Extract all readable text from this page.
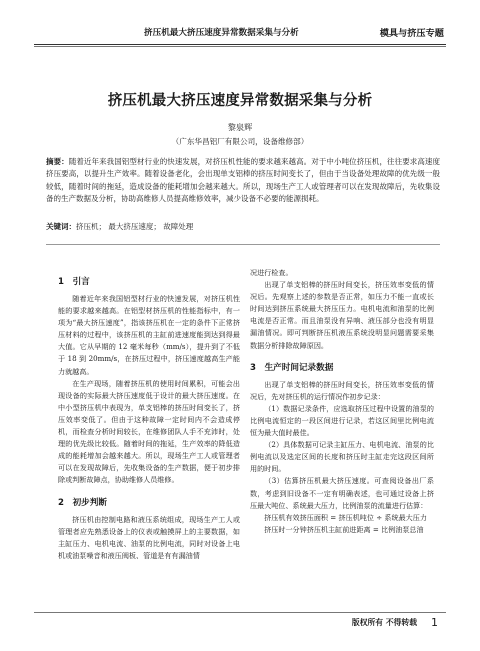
挤压机最大挤压速度异常数据采集与分析	模具与挤压专题
挤压机最大挤压速度异常数据采集与分析
黎泉辉
（广东华昌铝厂有限公司，设备维修部）
摘要：随着近年来我国铝型材行业的快速发展，对挤压机性能的要求越来越高。对于中小吨位挤压机，往往要求高速度挤压要高，以提升生产效率。随着设备老化，会出现单支铝棒的挤压时间变长了，但由于当设备处理故障的优先级一般较低，随着时间的拖延，造成设备的能耗增加会越来越大。所以，现场生产工人或管理者可以在发现故障后，先收集设备的生产数据及分析，协助高维修人员提高维修效率，减少设备不必要的能源损耗。
关键词：挤压机； 最大挤压速度； 故障处理
1　引言

随着近年来我国铝型材行业的快速发展，对挤压机性能的要求越来越高。在铝型材挤压机的性能指标中，有一项为“最大挤压速度”，指该挤压机在一定的条件下正常挤压材料的过程中，该挤压机的主缸前进速度能到达到得最大值。它从早期的 12 毫米每秒（mm/s），提升到了不低于 18 到 20mm/s，在挤压过程中，挤压速度越高生产能力就越高。

在生产现场，随着挤压机的使用时间累积，可能会出现设备的实际最大挤压速度低于设计的最大挤压速度。在中小型挤压机中表现为，单支铝棒的挤压时间变长了，挤压效率变低了。但由于这种故障一定时间内不会造成停机，而检查分析时间较长，在维修团队人手不充沛时，处理的优先级比较低。随着时间的拖延，生产效率的降低造成的能耗增加会越来越大。所以，现场生产工人或管理者可以在发现故障后，先收集设备的生产数据，便于初步排除或判断故障点，协助维修人员维修。

2　初步判断

挤压机由控制电路和液压系统组成，现场生产工人或管理者应先熟悉设备上的仪表或触摸屏上的主要数据，如主缸压力、电机电流、油泵的比例电流，同时对设备上电机或油泵噪音和液压阀板、管道是有有漏油情

况进行检查。

出现了单支铝棒的挤压时间变长，挤压效率变低的情况后。先观察上述的参数是否正常，如压力不能一直或长时间达到挤压系统最大挤压压力。电机电流和油泵的比例电流是否正常。而且油泵没有异响、液压部分也没有明显漏油情况。即可判断挤压机液压系统没明显问题需要采集数据分析排除故障原因。

3　生产时间记录数据

出现了单支铝棒的挤压时间变长，挤压效率变低的情况后，先对挤压机的运行情况作初步记录：

（1）数据记录条件，应选取挤压过程中设置的油泵的比例电流恒定的一段区间进行记录，若这区间里比例电流恒为最大值时最佳。

（2）具体数据可记录主缸压力、电机电流、油泵的比例电流以及选定区间的长度和挤压时主缸走完这段区间所用的时间。

（3）估算挤压机最大挤压速度。可查阅设备出厂系数，考虑到旧设备不一定有明确表述，也可通过设备上挤压最大吨位、系统最大压力，比例油泵的流量进行估算：

挤压机有效挤压面积 = 挤压机吨位 ÷ 系统最大压力

挤压时一分钟挤压机主缸前进距离 = 比例油泵总油

版权所有 不得转载 1
